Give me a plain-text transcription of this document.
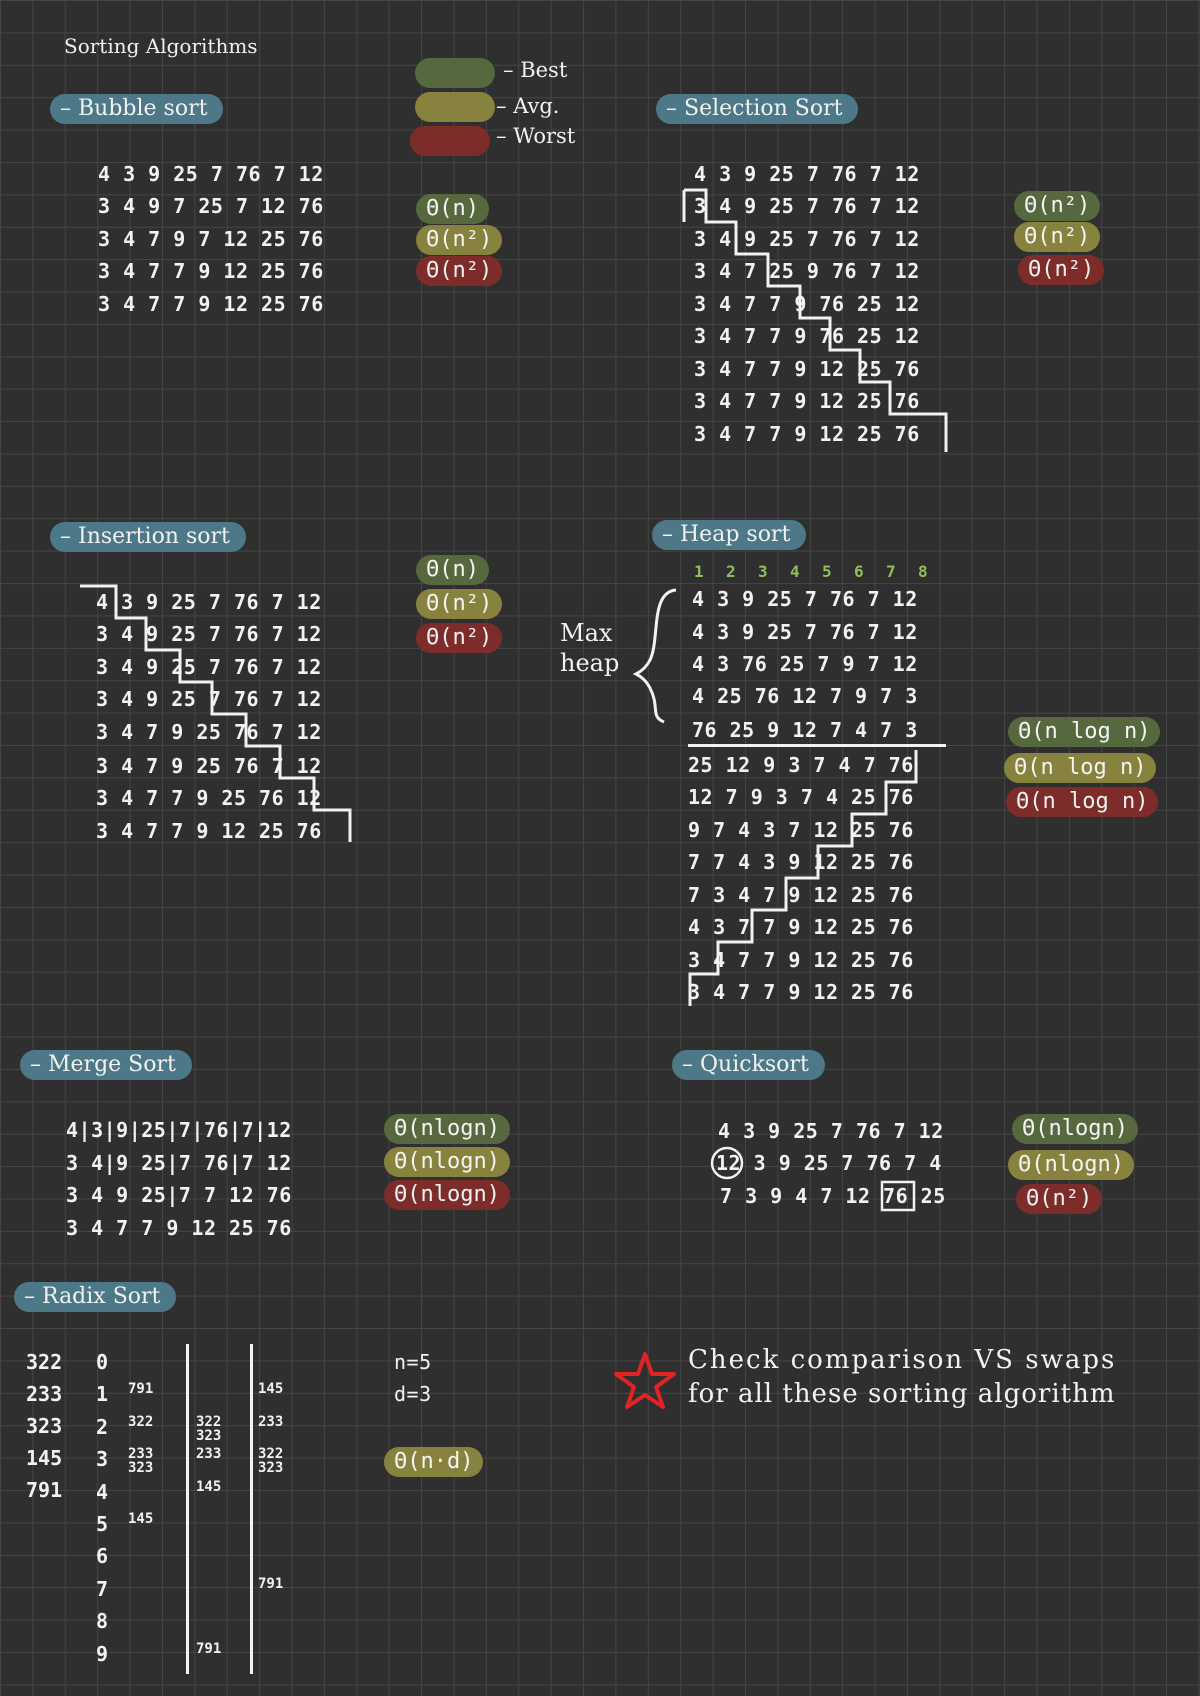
Sorting Algorithms
– Best
– Avg.
– Worst
– Bubble sort
4 3 9 25 7 76 7 12
3 4 9 7 25 7 12 76
3 4 7 9 7 12 25 76
3 4 7 7 9 12 25 76
3 4 7 7 9 12 25 76
Θ(n)
Θ(n²)
Θ(n²)
– Selection Sort
4 3 9 25 7 76 7 12
3 4 9 25 7 76 7 12
3 4 9 25 7 76 7 12
3 4 7 25 9 76 7 12
3 4 7 7 9 76 25 12
3 4 7 7 9 76 25 12
3 4 7 7 9 12 25 76
3 4 7 7 9 12 25 76
3 4 7 7 9 12 25 76
Θ(n²)
Θ(n²)
Θ(n²)
– Insertion sort
4 3 9 25 7 76 7 12
3 4 9 25 7 76 7 12
3 4 9 25 7 76 7 12
3 4 9 25 7 76 7 12
3 4 7 9 25 76 7 12
3 4 7 9 25 76 7 12
3 4 7 7 9 25 76 12
3 4 7 7 9 12 25 76
Θ(n)
Θ(n²)
Θ(n²)
– Heap sort
1 2 3 4 5 6 7 8
Max heap
4 3 9 25 7 76 7 12
4 3 9 25 7 76 7 12
4 3 76 25 7 9 7 12
4 25 76 12 7 9 7 3
76 25 9 12 7 4 7 3
25 12 9 3 7 4 7 76
12 7 9 3 7 4 25 76
9 7 4 3 7 12 25 76
7 7 4 3 9 12 25 76
7 3 4 7 9 12 25 76
4 3 7 7 9 12 25 76
3 4 7 7 9 12 25 76
3 4 7 7 9 12 25 76
Θ(n log n)
Θ(n log n)
Θ(n log n)
– Merge Sort
4|3|9|25|7|76|7|12
3 4|9 25|7 76|7 12
3 4 9 25|7 7 12 76
3 4 7 7 9 12 25 76
Θ(nlogn)
Θ(nlogn)
Θ(nlogn)
– Quicksort
4 3 9 25 7 76 7 12
12 3 9 25 7 76 7 4
7 3 9 4 7 12 76 25
Θ(nlogn)
Θ(nlogn)
Θ(n²)
– Radix Sort
322
233
323
145
791
0
1
2
3
4
5
6
7
8
9
791
322
233
323
145
322
323
233
145
791
145
233
322
323
791
n=5
d=3
Θ(n·d)
Check comparison VS swaps
for all these sorting algorithm
